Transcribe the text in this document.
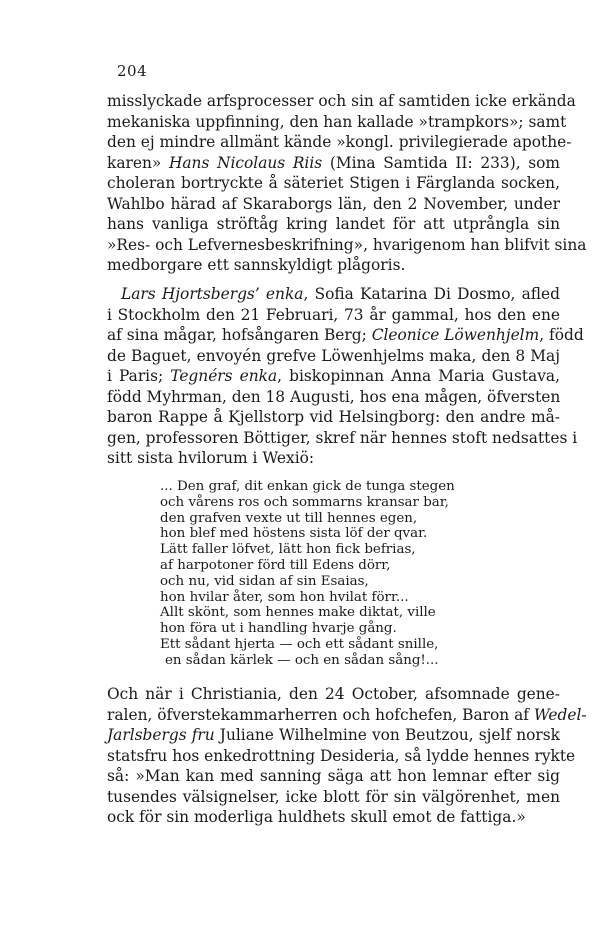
204
misslyckade arfsprocesser och sin af samtiden icke erkända
mekaniska uppfinning, den han kallade »trampkors»; samt
den ej mindre allmänt kände »kongl. privilegierade apothe-
karen» Hans Nicolaus Riis (Mina Samtida II: 233), som
choleran bortryckte å säteriet Stigen i Färglanda socken,
Wahlbo härad af Skaraborgs län, den 2 November, under
hans vanliga ströftåg kring landet för att utprångla sin
»Res- och Lefvernesbeskrifning», hvarigenom han blifvit sina
medborgare ett sannskyldigt plågoris.
Lars Hjortsbergs’ enka, Sofia Katarina Di Dosmo, afled
i Stockholm den 21 Februari, 73 år gammal, hos den ene
af sina mågar, hofsångaren Berg; Cleonice Löwenhjelm, född
de Baguet, envoyén grefve Löwenhjelms maka, den 8 Maj
i Paris; Tegnérs enka, biskopinnan Anna Maria Gustava,
född Myhrman, den 18 Augusti, hos ena mågen, öfversten
baron Rappe å Kjellstorp vid Helsingborg: den andre må-
gen, professoren Böttiger, skref när hennes stoft nedsattes i
sitt sista hvilorum i Wexiö:
... Den graf, dit enkan gick de tunga stegen
och vårens ros och sommarns kransar bar,
den grafven vexte ut till hennes egen,
hon blef med höstens sista löf der qvar.
Lätt faller löfvet, lätt hon fick befrias,
af harpotoner förd till Edens dörr,
och nu, vid sidan af sin Esaias,
hon hvilar åter, som hon hvilat förr...
Allt skönt, som hennes make diktat, ville
hon föra ut i handling hvarje gång.
Ett sådant hjerta — och ett sådant snille,
en sådan kärlek — och en sådan sång!...
Och när i Christiania, den 24 October, afsomnade gene-
ralen, öfverstekammarherren och hofchefen, Baron af Wedel-
Jarlsbergs fru Juliane Wilhelmine von Beutzou, sjelf norsk
statsfru hos enkedrottning Desideria, så lydde hennes rykte
så: »Man kan med sanning säga att hon lemnar efter sig
tusendes välsignelser, icke blott för sin välgörenhet, men
ock för sin moderliga huldhets skull emot de fattiga.»
